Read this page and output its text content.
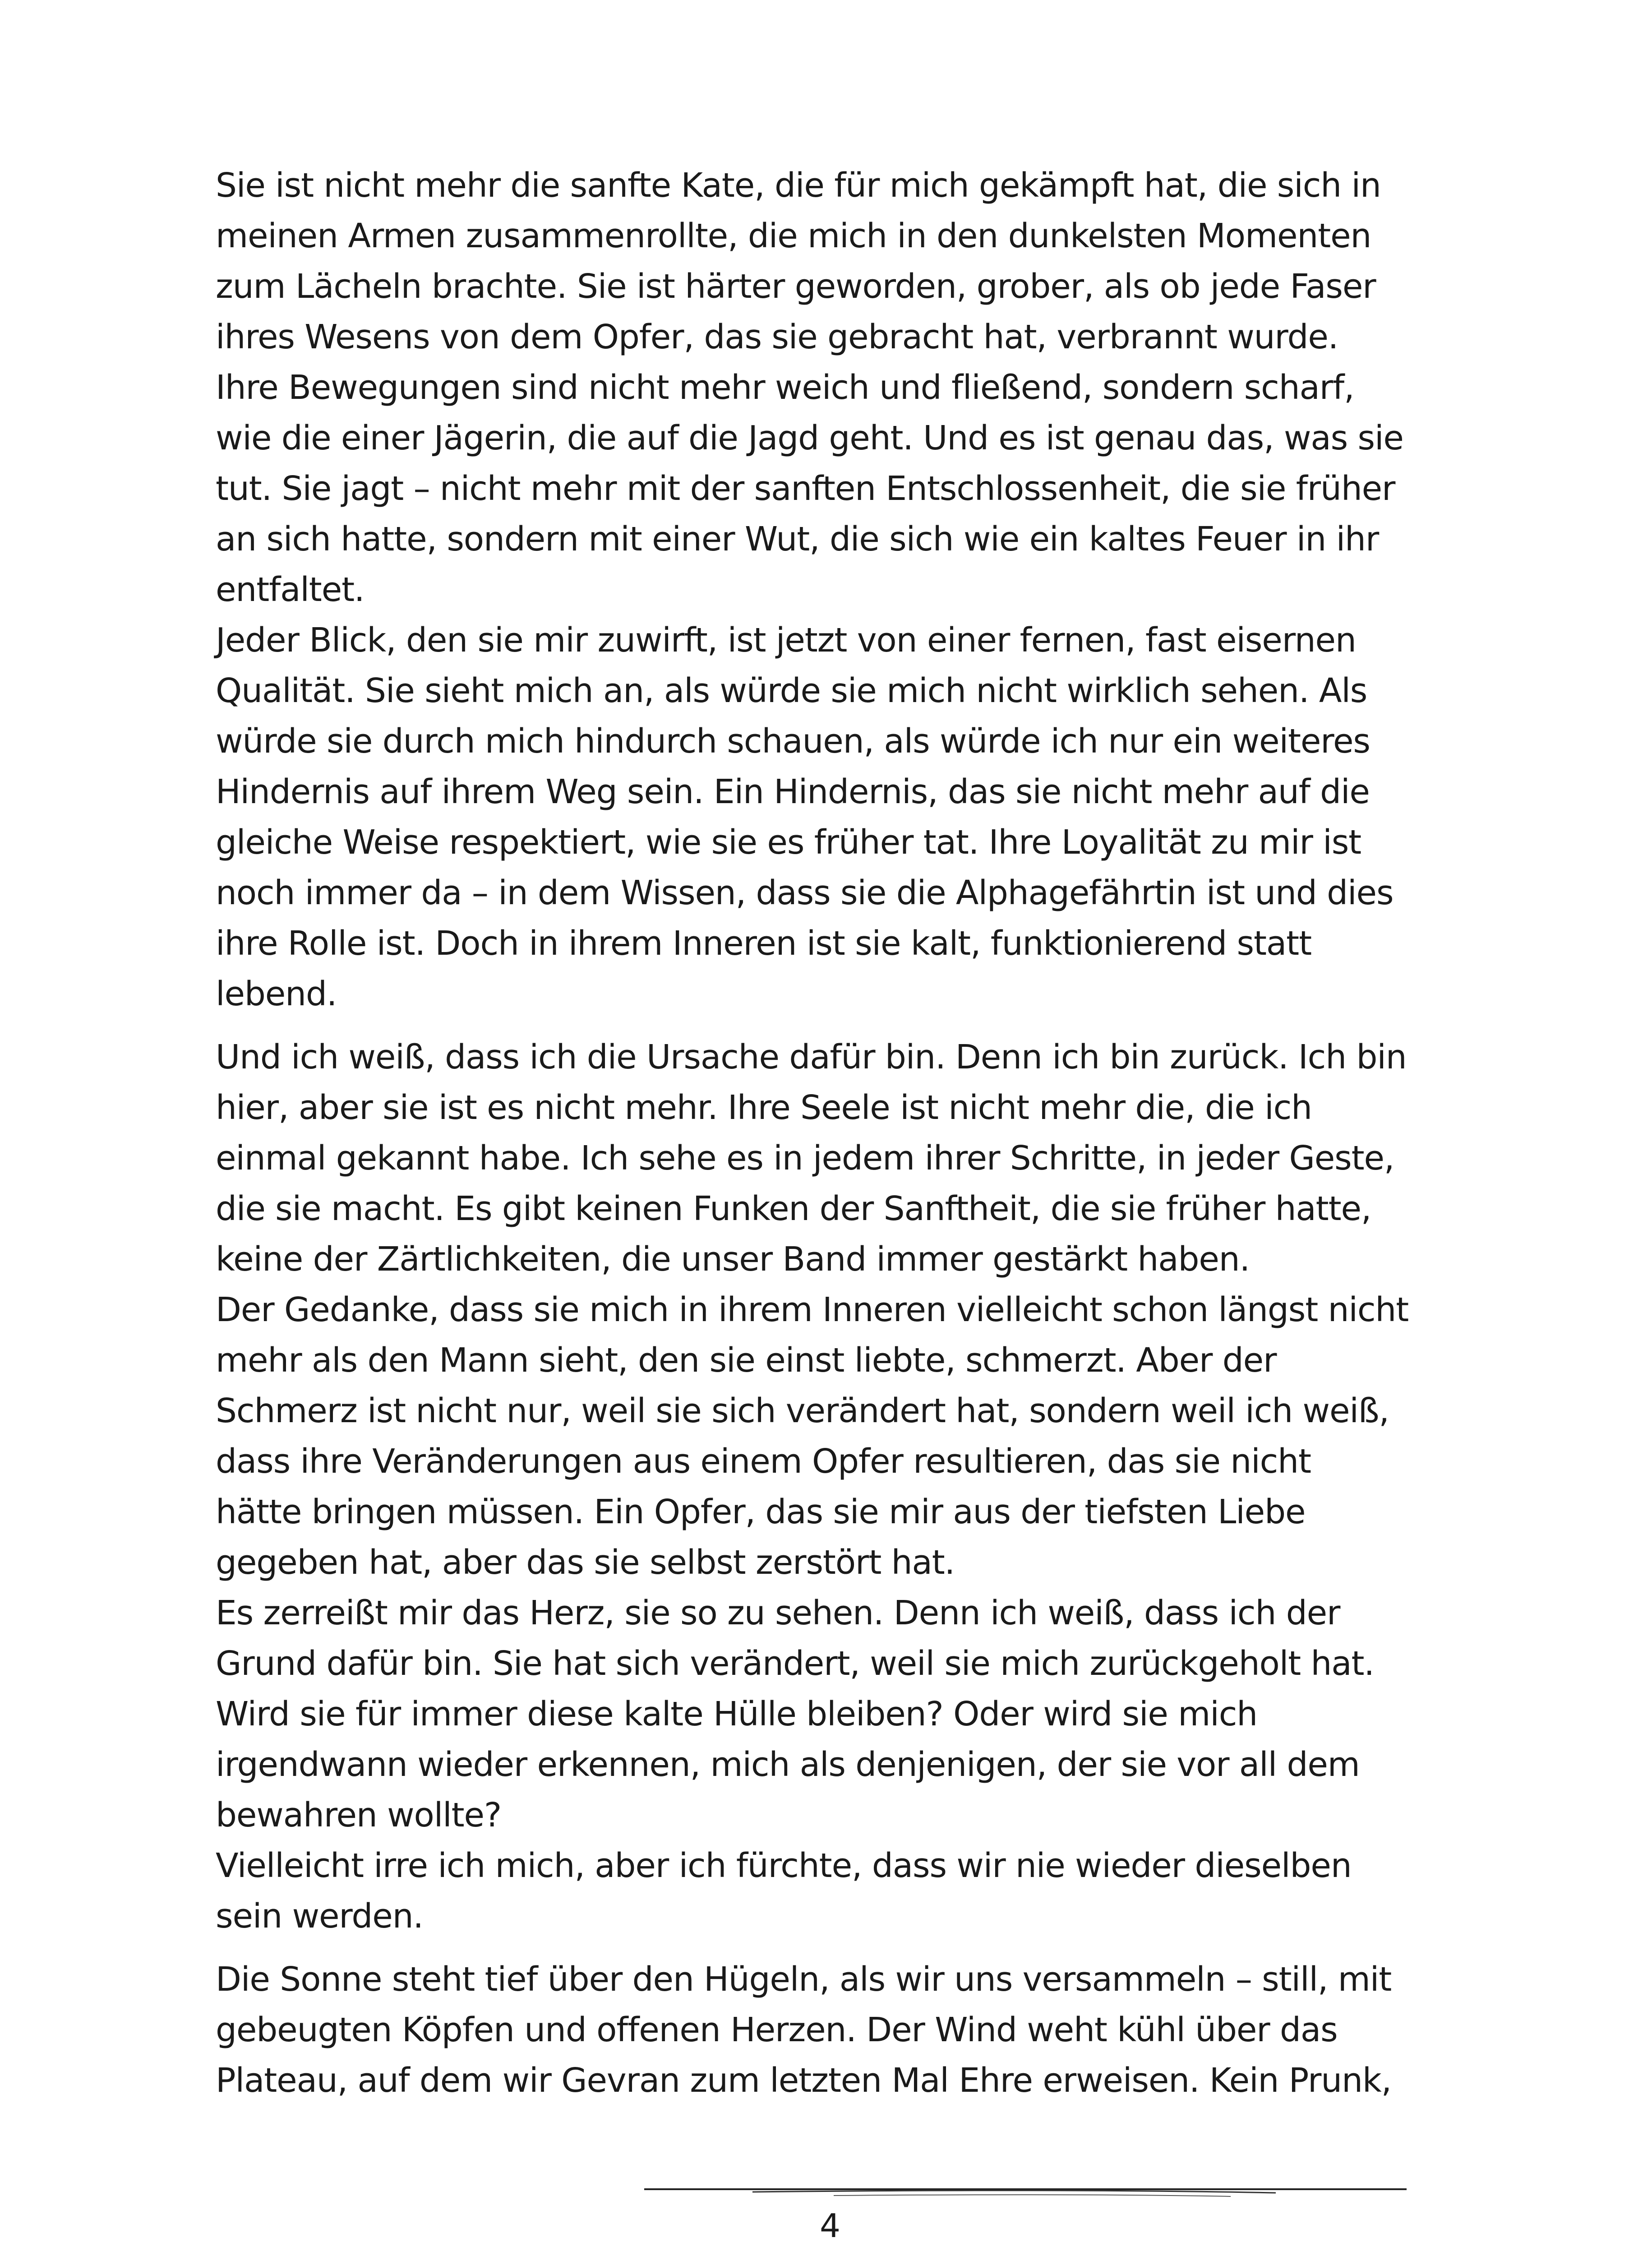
Sie ist nicht mehr die sanfte Kate, die für mich gekämpft hat, die sich in
meinen Armen zusammenrollte, die mich in den dunkelsten Momenten
zum Lächeln brachte. Sie ist härter geworden, grober, als ob jede Faser
ihres Wesens von dem Opfer, das sie gebracht hat, verbrannt wurde.
Ihre Bewegungen sind nicht mehr weich und fließend, sondern scharf,
wie die einer Jägerin, die auf die Jagd geht. Und es ist genau das, was sie
tut. Sie jagt – nicht mehr mit der sanften Entschlossenheit, die sie früher
an sich hatte, sondern mit einer Wut, die sich wie ein kaltes Feuer in ihr
entfaltet.
Jeder Blick, den sie mir zuwirft, ist jetzt von einer fernen, fast eisernen
Qualität. Sie sieht mich an, als würde sie mich nicht wirklich sehen. Als
würde sie durch mich hindurch schauen, als würde ich nur ein weiteres
Hindernis auf ihrem Weg sein. Ein Hindernis, das sie nicht mehr auf die
gleiche Weise respektiert, wie sie es früher tat. Ihre Loyalität zu mir ist
noch immer da – in dem Wissen, dass sie die Alphagefährtin ist und dies
ihre Rolle ist. Doch in ihrem Inneren ist sie kalt, funktionierend statt
lebend.

Und ich weiß, dass ich die Ursache dafür bin. Denn ich bin zurück. Ich bin
hier, aber sie ist es nicht mehr. Ihre Seele ist nicht mehr die, die ich
einmal gekannt habe. Ich sehe es in jedem ihrer Schritte, in jeder Geste,
die sie macht. Es gibt keinen Funken der Sanftheit, die sie früher hatte,
keine der Zärtlichkeiten, die unser Band immer gestärkt haben.
Der Gedanke, dass sie mich in ihrem Inneren vielleicht schon längst nicht
mehr als den Mann sieht, den sie einst liebte, schmerzt. Aber der
Schmerz ist nicht nur, weil sie sich verändert hat, sondern weil ich weiß,
dass ihre Veränderungen aus einem Opfer resultieren, das sie nicht
hätte bringen müssen. Ein Opfer, das sie mir aus der tiefsten Liebe
gegeben hat, aber das sie selbst zerstört hat.
Es zerreißt mir das Herz, sie so zu sehen. Denn ich weiß, dass ich der
Grund dafür bin. Sie hat sich verändert, weil sie mich zurückgeholt hat.
Wird sie für immer diese kalte Hülle bleiben? Oder wird sie mich
irgendwann wieder erkennen, mich als denjenigen, der sie vor all dem
bewahren wollte?
Vielleicht irre ich mich, aber ich fürchte, dass wir nie wieder dieselben
sein werden.

Die Sonne steht tief über den Hügeln, als wir uns versammeln – still, mit
gebeugten Köpfen und offenen Herzen. Der Wind weht kühl über das
Plateau, auf dem wir Gevran zum letzten Mal Ehre erweisen. Kein Prunk,

4
